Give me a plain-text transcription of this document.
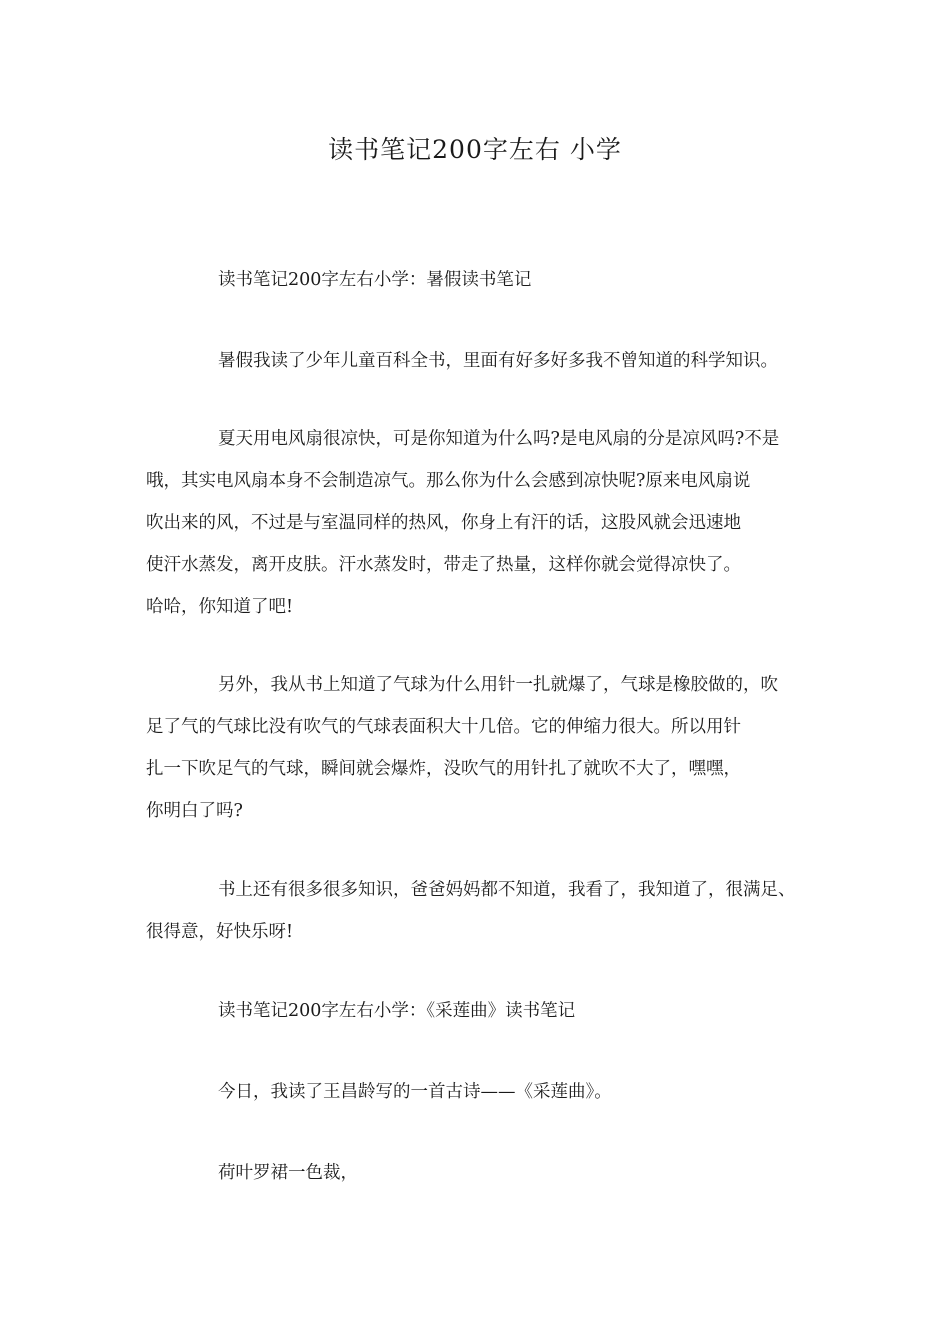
读书笔记200字左右 小学
读书笔记200字左右小学：暑假读书笔记
暑假我读了少年儿童百科全书，里面有好多好多我不曾知道的科学知识。
夏天用电风扇很凉快，可是你知道为什么吗?是电风扇的分是凉风吗?不是
哦，其实电风扇本身不会制造凉气。那么你为什么会感到凉快呢?原来电风扇说
吹出来的风，不过是与室温同样的热风，你身上有汗的话，这股风就会迅速地
使汗水蒸发，离开皮肤。汗水蒸发时，带走了热量，这样你就会觉得凉快了。
哈哈，你知道了吧!
另外，我从书上知道了气球为什么用针一扎就爆了，气球是橡胶做的，吹
足了气的气球比没有吹气的气球表面积大十几倍。它的伸缩力很大。所以用针
扎一下吹足气的气球，瞬间就会爆炸，没吹气的用针扎了就吹不大了，嘿嘿，
你明白了吗?
书上还有很多很多知识，爸爸妈妈都不知道，我看了，我知道了，很满足、
很得意，好快乐呀!
读书笔记200字左右小学：《采莲曲》读书笔记
今日，我读了王昌龄写的一首古诗——《采莲曲》。
荷叶罗裙一色裁，
